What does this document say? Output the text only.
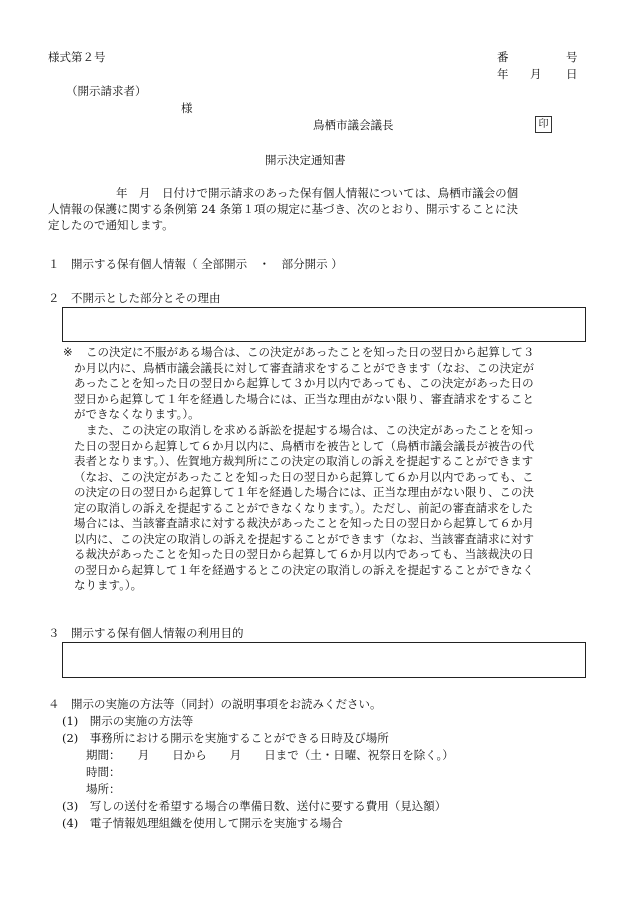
様式第２号	番	号
年 月 日
（開示請求者）
様
鳥栖市議会議長	印
開示決定通知書
年　月　日付けで開示請求のあった保有個人情報については、鳥栖市議会の個
人情報の保護に関する条例第 24 条第１項の規定に基づき、次のとおり、開示することに決
定したので通知します。
１　開示する保有個人情報（ 全部開示　・　部分開示 ）
２　不開示とした部分とその理由
※ この決定に不服がある場合は、この決定があったことを知った日の翌日から起算して３
か月以内に、鳥栖市議会議長に対して審査請求をすることができます（なお、この決定が
あったことを知った日の翌日から起算して３か月以内であっても、この決定があった日の
翌日から起算して１年を経過した場合には、正当な理由がない限り、審査請求をすること
ができなくなります。）。
また、この決定の取消しを求める訴訟を提起する場合は、この決定があったことを知っ
た日の翌日から起算して６か月以内に、鳥栖市を被告として（鳥栖市議会議長が被告の代
表者となります。）、佐賀地方裁判所にこの決定の取消しの訴えを提起することができます
（なお、この決定があったことを知った日の翌日から起算して６か月以内であっても、こ
の決定の日の翌日から起算して１年を経過した場合には、正当な理由がない限り、この決
定の取消しの訴えを提起することができなくなります。）。ただし、前記の審査請求をした
場合には、当該審査請求に対する裁決があったことを知った日の翌日から起算して６か月
以内に、この決定の取消しの訴えを提起することができます（なお、当該審査請求に対す
る裁決があったことを知った日の翌日から起算して６か月以内であっても、当該裁決の日
の翌日から起算して１年を経過するとこの決定の取消しの訴えを提起することができなく
なります。）。
３　開示する保有個人情報の利用目的
４　開示の実施の方法等（同封）の説明事項をお読みください。
(1)　開示の実施の方法等
(2)　事務所における開示を実施することができる日時及び場所
期間：　　月　　日から　　月　　日まで（土・日曜、祝祭日を除く。）
時間：
場所：
(3)　写しの送付を希望する場合の準備日数、送付に要する費用（見込額）
(4)　電子情報処理組織を使用して開示を実施する場合
